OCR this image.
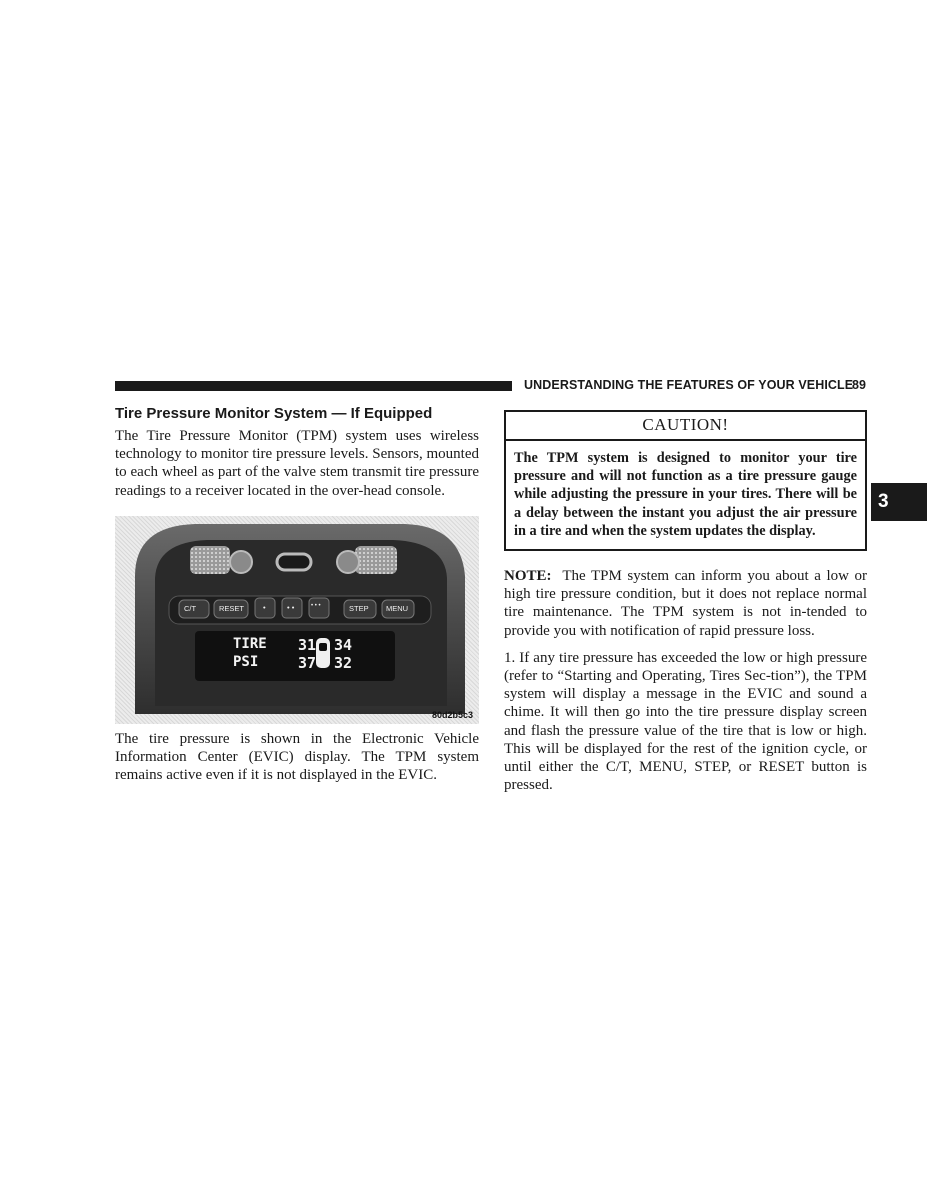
UNDERSTANDING THE FEATURES OF YOUR VEHICLE
89
3
Tire Pressure Monitor System — If Equipped

The Tire Pressure Monitor (TPM) system uses wireless technology to monitor tire pressure levels. Sensors, mounted to each wheel as part of the valve stem transmit tire pressure readings to a receiver located in the over-head console.

C/T	RESET	•	• •	• • •	STEP MENU
TIRE
PSI
31 34
37 32
80d2b5c3

The tire pressure is shown in the Electronic Vehicle Information Center (EVIC) display. The TPM system remains active even if it is not displayed in the EVIC.

CAUTION!
The TPM system is designed to monitor your tire pressure and will not function as a tire pressure gauge while adjusting the pressure in your tires. There will be a delay between the instant you adjust the air pressure in a tire and when the system updates the display.

NOTE: The TPM system can inform you about a low or high tire pressure condition, but it does not replace normal tire maintenance. The TPM system is not in-tended to provide you with notification of rapid pressure loss.

1. If any tire pressure has exceeded the low or high pressure (refer to “Starting and Operating, Tires Sec-tion”), the TPM system will display a message in the EVIC and sound a chime. It will then go into the tire pressure display screen and flash the pressure value of the tire that is low or high. This will be displayed for the rest of the ignition cycle, or until either the C/T, MENU, STEP, or RESET button is pressed.
